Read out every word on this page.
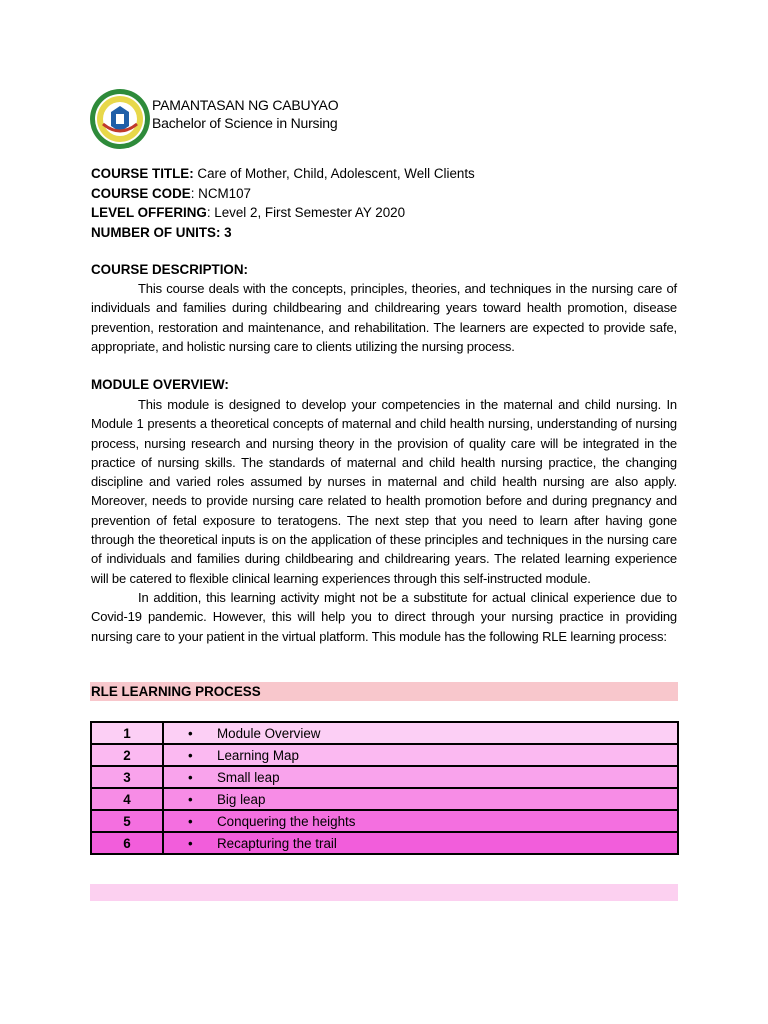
PAMANTASAN NG CABUYAO
Bachelor of Science in Nursing
COURSE TITLE: Care of Mother, Child, Adolescent, Well Clients
COURSE CODE: NCM107
LEVEL OFFERING: Level 2, First Semester AY 2020
NUMBER OF UNITS: 3
COURSE DESCRIPTION:

This course deals with the concepts, principles, theories, and techniques in the nursing care of individuals and families during childbearing and childrearing years toward health promotion, disease prevention, restoration and maintenance, and rehabilitation. The learners are expected to provide safe, appropriate, and holistic nursing care to clients utilizing the nursing process.

MODULE OVERVIEW:

This module is designed to develop your competencies in the maternal and child nursing. In Module 1 presents a theoretical concepts of maternal and child health nursing, understanding of nursing process, nursing research and nursing theory in the provision of quality care will be integrated in the practice of nursing skills. The standards of maternal and child health nursing practice, the changing discipline and varied roles assumed by nurses in maternal and child health nursing are also apply. Moreover, needs to provide nursing care related to health promotion before and during pregnancy and prevention of fetal exposure to teratogens. The next step that you need to learn after having gone through the theoretical inputs is on the application of these principles and techniques in the nursing care of individuals and families during childbearing and childrearing years. The related learning experience will be catered to flexible clinical learning experiences through this self-instructed module.

In addition, this learning activity might not be a substitute for actual clinical experience due to Covid-19 pandemic. However, this will help you to direct through your nursing practice in providing nursing care to your patient in the virtual platform. This module has the following RLE learning process:

RLE LEARNING PROCESS
1	• Module Overview
2	• Learning Map
3	• Small leap
4	• Big leap
5	• Conquering the heights
6	• Recapturing the trail
